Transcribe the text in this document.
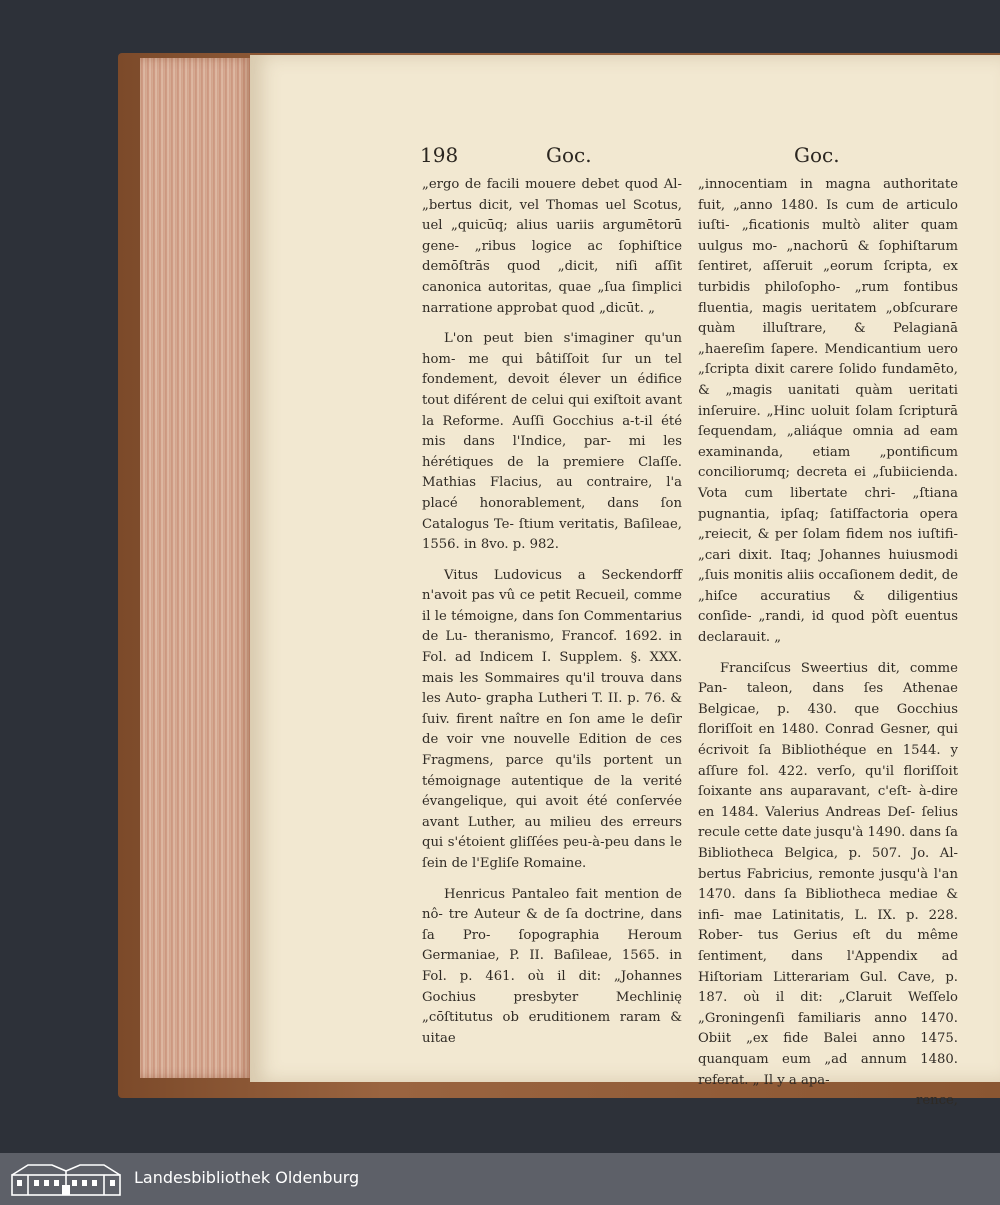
198	Goc.	Goc.

„ergo de facili mouere debet quod Al- „bertus dicit, vel Thomas uel Scotus, uel „quicūq; alius uariis argumētorū gene- „ribus logice ac ſophiſtice demōſtrās quod „dicit, niſi aſſit canonica autoritas, quae „ſua ſimplici narratione approbat quod „dicūt. „

L'on peut bien s'imaginer qu'un hom- me qui bâtiſſoit ſur un tel fondement, devoit élever un édifice tout diférent de celui qui exiſtoit avant la Reforme. Auſſi Gocchius a-t-il été mis dans l'Indice, par- mi les hérétiques de la premiere Claſſe. Mathias Flacius, au contraire, l'a placé honorablement, dans ſon Catalogus Te- ſtium veritatis, Baſileae, 1556. in 8vo. p. 982.

Vitus Ludovicus a Seckendorff n'avoit pas vû ce petit Recueil, comme il le témoigne, dans ſon Commentarius de Lu- theranismo, Francof. 1692. in Fol. ad Indicem I. Supplem. §. XXX. mais les Sommaires qu'il trouva dans les Auto- grapha Lutheri T. II. p. 76. & ſuiv. firent naître en ſon ame le deſir de voir vne nouvelle Edition de ces Fragmens, parce qu'ils portent un témoignage autentique de la verité évangelique, qui avoit été conſervée avant Luther, au milieu des erreurs qui s'étoient gliſſées peu-à-peu dans le ſein de l'Egliſe Romaine.

Henricus Pantaleo fait mention de nô- tre Auteur & de ſa doctrine, dans ſa Pro- ſopographia Heroum Germaniae, P. II. Baſileae, 1565. in Fol. p. 461. où il dit: „Johannes Gochius presbyter Mechlinię „cōſtitutus ob eruditionem raram & uitae

„innocentiam in magna authoritate fuit, „anno 1480. Is cum de articulo iuſti- „ficationis multò aliter quam uulgus mo- „nachorū & ſophiſtarum ſentiret, aſſeruit „eorum ſcripta, ex turbidis philoſopho- „rum fontibus fluentia, magis ueritatem „obſcurare quàm illuſtrare, & Pelagianā „haereſim ſapere. Mendicantium uero „ſcripta dixit carere ſolido fundamēto, & „magis uanitati quàm ueritati inſeruire. „Hinc uoluit ſolam ſcripturā ſequendam, „aliáque omnia ad eam examinanda, etiam „pontificum conciliorumq; decreta ei „ſubiicienda. Vota cum libertate chri- „ſtiana pugnantia, ipſaq; ſatiſfactoria opera „reiecit, & per ſolam fidem nos iuſtifi- „cari dixit. Itaq; Johannes huiusmodi „ſuis monitis aliis occaſionem dedit, de „hiſce accuratius & diligentius conſide- „randi, id quod pòſt euentus declarauit. „

Franciſcus Sweertius dit, comme Pan- taleon, dans ſes Athenae Belgicae, p. 430. que Gocchius floriſſoit en 1480. Conrad Gesner, qui écrivoit ſa Bibliothéque en 1544. y aſſure fol. 422. verſo, qu'il floriſſoit ſoixante ans auparavant, c'eſt- à-dire en 1484. Valerius Andreas Deſ- ſelius recule cette date jusqu'à 1490. dans ſa Bibliotheca Belgica, p. 507. Jo. Al- bertus Fabricius, remonte jusqu'à l'an 1470. dans ſa Bibliotheca mediae & infi- mae Latinitatis, L. IX. p. 228. Rober- tus Gerius eſt du même ſentiment, dans l'Appendix ad Hiſtoriam Litterariam Gul. Cave, p. 187. où il dit: „Claruit Weſſelo „Groningenſi familiaris anno 1470. Obiit „ex fide Balei anno 1475. quanquam eum „ad annum 1480. referat. „ Il y a apa-

rence,

Landesbibliothek Oldenburg
